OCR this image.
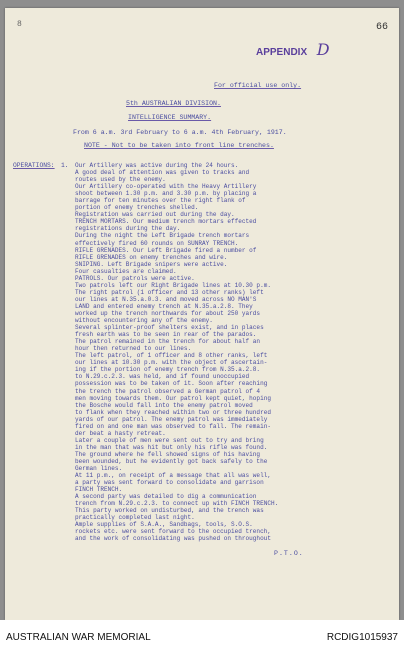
8	66
APPENDIX D
For official use only.
5th AUSTRALIAN DIVISION.
INTELLIGENCE SUMMARY.
From 6 a.m. 3rd February to 6 a.m. 4th February, 1917.
NOTE - Not to be taken into front line trenches.
OPERATIONS: 1. Our Artillery was active during the 24 hours.
A good deal of attention was given to tracks and
routes used by the enemy.
Our Artillery co-operated with the Heavy Artillery
shoot between 1.30 p.m. and 3.30 p.m. by placing a
barrage for ten minutes over the right flank of
portion of enemy trenches shelled.
Registration was carried out during the day.
TRENCH MORTARS. Our medium trench mortars effected
registrations during the day.
During the night the Left Brigade trench mortars
effectively fired 60 rounds on SUNRAY TRENCH.
RIFLE GRENADES. Our Left Brigade fired a number of
RIFLE GRENADES on enemy trenches and wire.
SNIPING. Left Brigade snipers were active.
Four casualties are claimed.
PATROLS. Our patrols were active.
Two patrols left our Right Brigade lines at 10.30 p.m.
The right patrol (1 officer and 13 other ranks) left
our lines at N.35.a.0.3. and moved across NO MAN'S
LAND and entered enemy trench at N.35.a.2.8. They
worked up the trench northwards for about 250 yards
without encountering any of the enemy.
Several splinter-proof shelters exist, and in places
fresh earth was to be seen in rear of the parados.
The patrol remained in the trench for about half an
hour then returned to our lines.
The left patrol, of 1 officer and 8 other ranks, left
our lines at 10.30 p.m. with the object of ascertain-
ing if the portion of enemy trench from N.35.a.2.8.
to N.29.c.2.3. was held, and if found unoccupied
possession was to be taken of it. Soon after reaching
the trench the patrol observed a German patrol of 4
men moving towards them. Our patrol kept quiet, hoping
the Bosche would fall into the enemy patrol moved
to flank when they reached within two or three hundred
yards of our patrol. The enemy patrol was immediately
fired on and one man was observed to fall. The remain-
der beat a hasty retreat.
Later a couple of men were sent out to try and bring
in the man that was hit but only his rifle was found.
The ground where he fell showed signs of his having
been wounded, but he evidently got back safely to the
German lines.
At 11 p.m., on receipt of a message that all was well,
a party was sent forward to consolidate and garrison
FINCH TRENCH.
A second party was detailed to dig a communication
trench from N.29.c.2.3. to connect up with FINCH TRENCH.
This party worked on undisturbed, and the trench was
practically completed last night.
Ample supplies of S.A.A., Sandbags, tools, S.O.S.
rockets etc. were sent forward to the occupied trench,
and the work of consolidating was pushed on throughout
P.T.O.
AUSTRALIAN WAR MEMORIAL	RCDIG1015937
